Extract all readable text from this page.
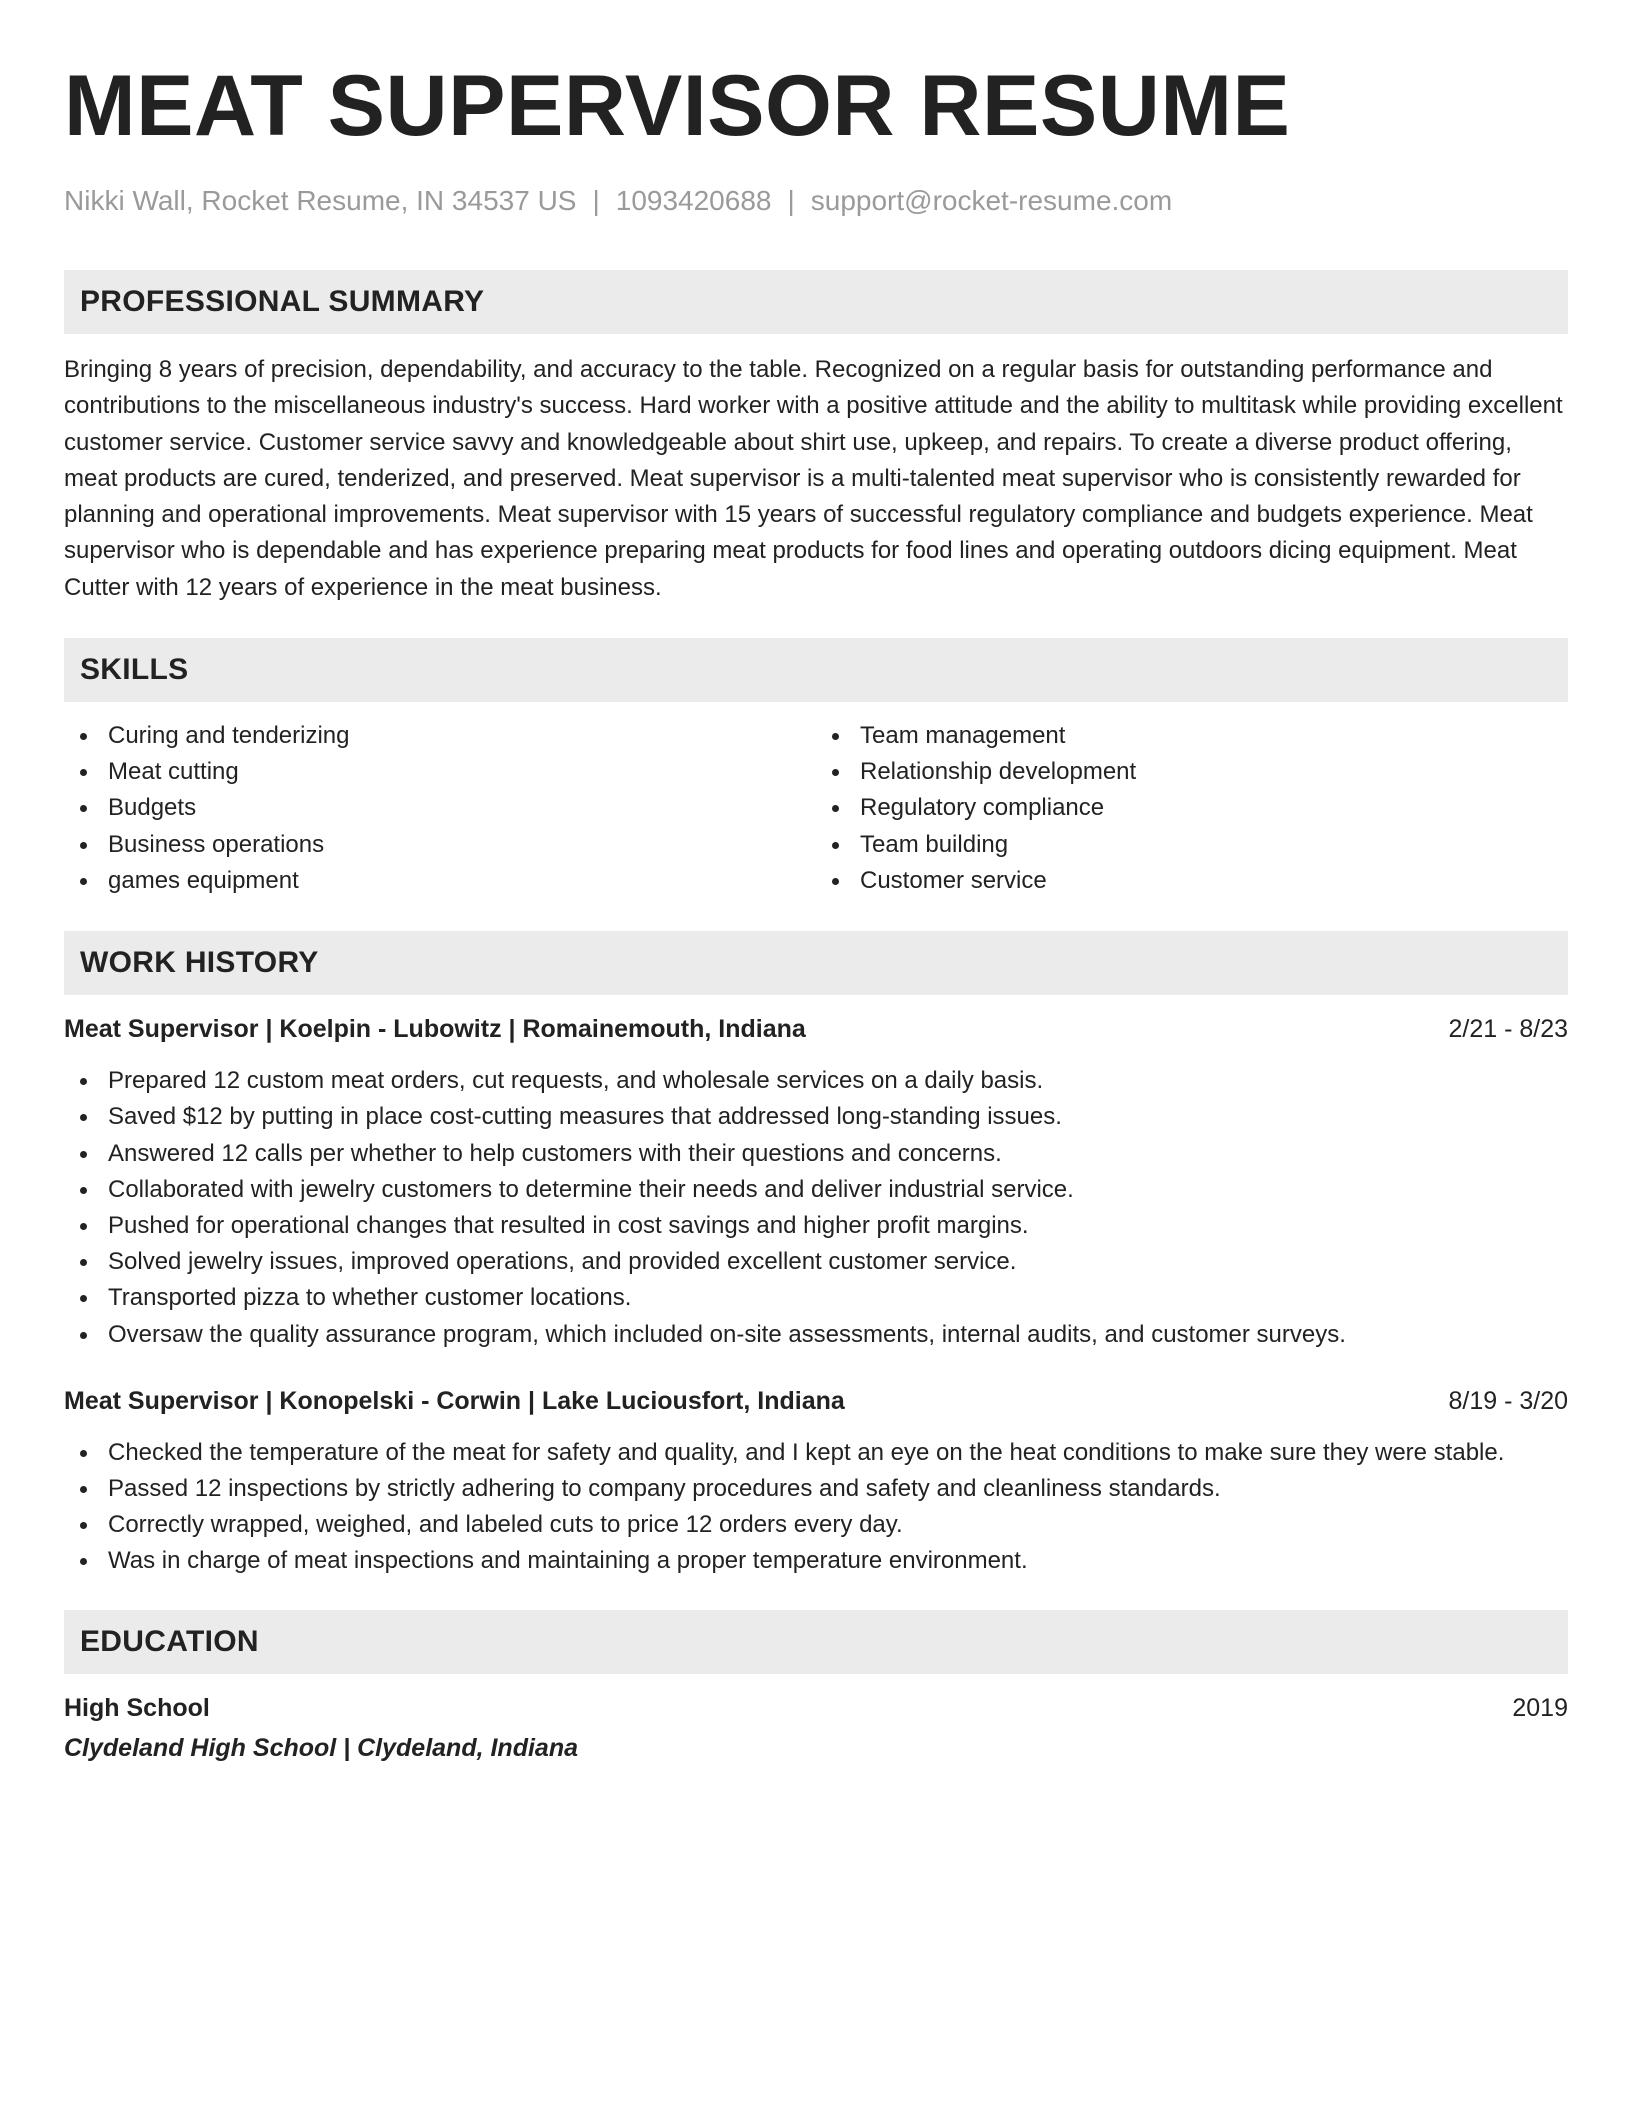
MEAT SUPERVISOR RESUME
Nikki Wall, Rocket Resume, IN 34537 US | 1093420688 | support@rocket-resume.com
PROFESSIONAL SUMMARY

Bringing 8 years of precision, dependability, and accuracy to the table. Recognized on a regular basis for outstanding performance and contributions to the miscellaneous industry's success. Hard worker with a positive attitude and the ability to multitask while providing excellent customer service. Customer service savvy and knowledgeable about shirt use, upkeep, and repairs. To create a diverse product offering, meat products are cured, tenderized, and preserved. Meat supervisor is a multi-talented meat supervisor who is consistently rewarded for planning and operational improvements. Meat supervisor with 15 years of successful regulatory compliance and budgets experience. Meat supervisor who is dependable and has experience preparing meat products for food lines and operating outdoors dicing equipment. Meat Cutter with 12 years of experience in the meat business.

SKILLS
Curing and tenderizing
Meat cutting
Budgets
Business operations
games equipment
Team management
Relationship development
Regulatory compliance
Team building
Customer service
WORK HISTORY
Meat Supervisor | Koelpin - Lubowitz | Romainemouth, Indiana	2/21 - 8/23
Prepared 12 custom meat orders, cut requests, and wholesale services on a daily basis.
Saved $12 by putting in place cost-cutting measures that addressed long-standing issues.
Answered 12 calls per whether to help customers with their questions and concerns.
Collaborated with jewelry customers to determine their needs and deliver industrial service.
Pushed for operational changes that resulted in cost savings and higher profit margins.
Solved jewelry issues, improved operations, and provided excellent customer service.
Transported pizza to whether customer locations.
Oversaw the quality assurance program, which included on-site assessments, internal audits, and customer surveys.
Meat Supervisor | Konopelski - Corwin | Lake Luciousfort, Indiana	8/19 - 3/20
Checked the temperature of the meat for safety and quality, and I kept an eye on the heat conditions to make sure they were stable.
Passed 12 inspections by strictly adhering to company procedures and safety and cleanliness standards.
Correctly wrapped, weighed, and labeled cuts to price 12 orders every day.
Was in charge of meat inspections and maintaining a proper temperature environment.
EDUCATION
High School	2019
Clydeland High School | Clydeland, Indiana
